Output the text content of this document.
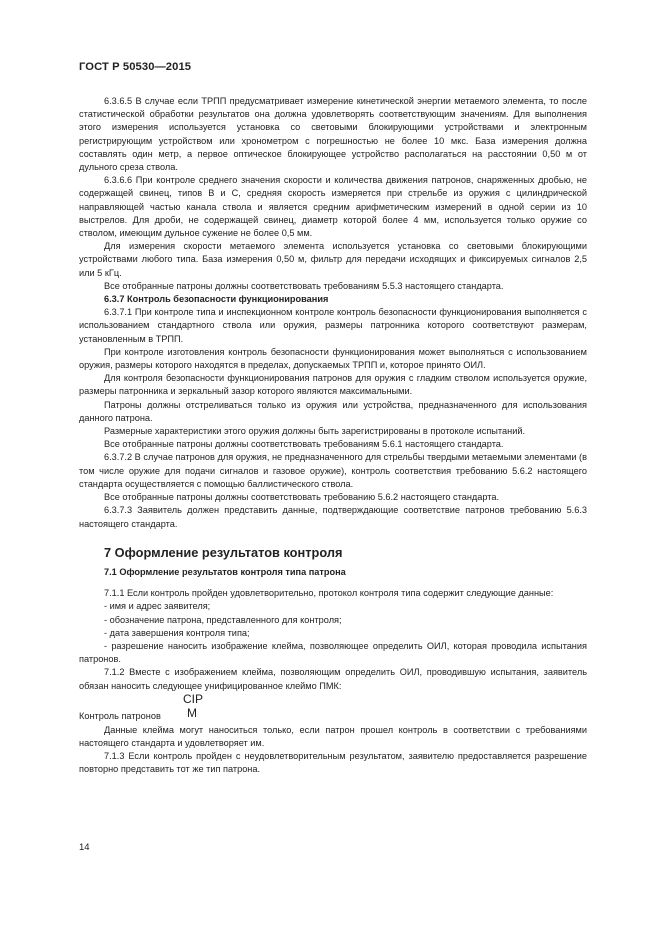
ГОСТ Р 50530—2015

6.3.6.5 В случае если ТРПП предусматривает измерение кинетической энергии метаемого элемента, то после статистической обработки результатов она должна удовлетворять соответствующим значениям. Для выполнения этого измерения используется установка со световыми блокирующими устройствами и электронным регистрирующим устройством или хронометром с погрешностью не более 10 мкс. База измерения должна составлять один метр, а первое оптическое блокирующее устройство располагаться на расстоянии 0,50 м от дульного среза ствола.

6.3.6.6 При контроле среднего значения скорости и количества движения патронов, снаряженных дробью, не содержащей свинец, типов В и С, средняя скорость измеряется при стрельбе из оружия с цилиндрической направляющей частью канала ствола и является средним арифметическим измерений в одной серии из 10 выстрелов. Для дроби, не содержащей свинец, диаметр которой более 4 мм, используется только оружие со стволом, имеющим дульное сужение не более 0,5 мм.

Для измерения скорости метаемого элемента используется установка со световыми блокирующими устройствами любого типа. База измерения 0,50 м, фильтр для передачи исходящих и фиксируемых сигналов 2,5 или 5 кГц.

Все отобранные патроны должны соответствовать требованиям 5.5.3 настоящего стандарта.

6.3.7 Контроль безопасности функционирования

6.3.7.1 При контроле типа и инспекционном контроле контроль безопасности функционирования выполняется с использованием стандартного ствола или оружия, размеры патронника которого соответствуют размерам, установленным в ТРПП.

При контроле изготовления контроль безопасности функционирования может выполняться с использованием оружия, размеры которого находятся в пределах, допускаемых ТРПП и, которое принято ОИЛ.

Для контроля безопасности функционирования патронов для оружия с гладким стволом используется оружие, размеры патронника и зеркальный зазор которого являются максимальными.

Патроны должны отстреливаться только из оружия или устройства, предназначенного для использования данного патрона.

Размерные характеристики этого оружия должны быть зарегистрированы в протоколе испытаний.

Все отобранные патроны должны соответствовать требованиям 5.6.1 настоящего стандарта.

6.3.7.2 В случае патронов для оружия, не предназначенного для стрельбы твердыми метаемыми элементами (в том числе оружие для подачи сигналов и газовое оружие), контроль соответствия требованию 5.6.2 настоящего стандарта осуществляется с помощью баллистического ствола.

Все отобранные патроны должны соответствовать требованию 5.6.2 настоящего стандарта.

6.3.7.3 Заявитель должен представить данные, подтверждающие соответствие патронов требованию 5.6.3 настоящего стандарта.

7 Оформление результатов контроля

7.1 Оформление результатов контроля типа патрона

7.1.1 Если контроль пройден удовлетворительно, протокол контроля типа содержит следующие данные:

- имя и адрес заявителя;

- обозначение патрона, представленного для контроля;

- дата завершения контроля типа;

- разрешение наносить изображение клейма, позволяющее определить ОИЛ, которая проводила испытания патронов.

7.1.2 Вместе с изображением клейма, позволяющим определить ОИЛ, проводившую испытания, заявитель обязан наносить следующее унифицированное клеймо ПМК:

CIP
Контроль патронов M

Данные клейма могут наноситься только, если патрон прошел контроль в соответствии с требованиями настоящего стандарта и удовлетворяет им.

7.1.3 Если контроль пройден с неудовлетворительным результатом, заявителю предоставляется разрешение повторно представить тот же тип патрона.

14
